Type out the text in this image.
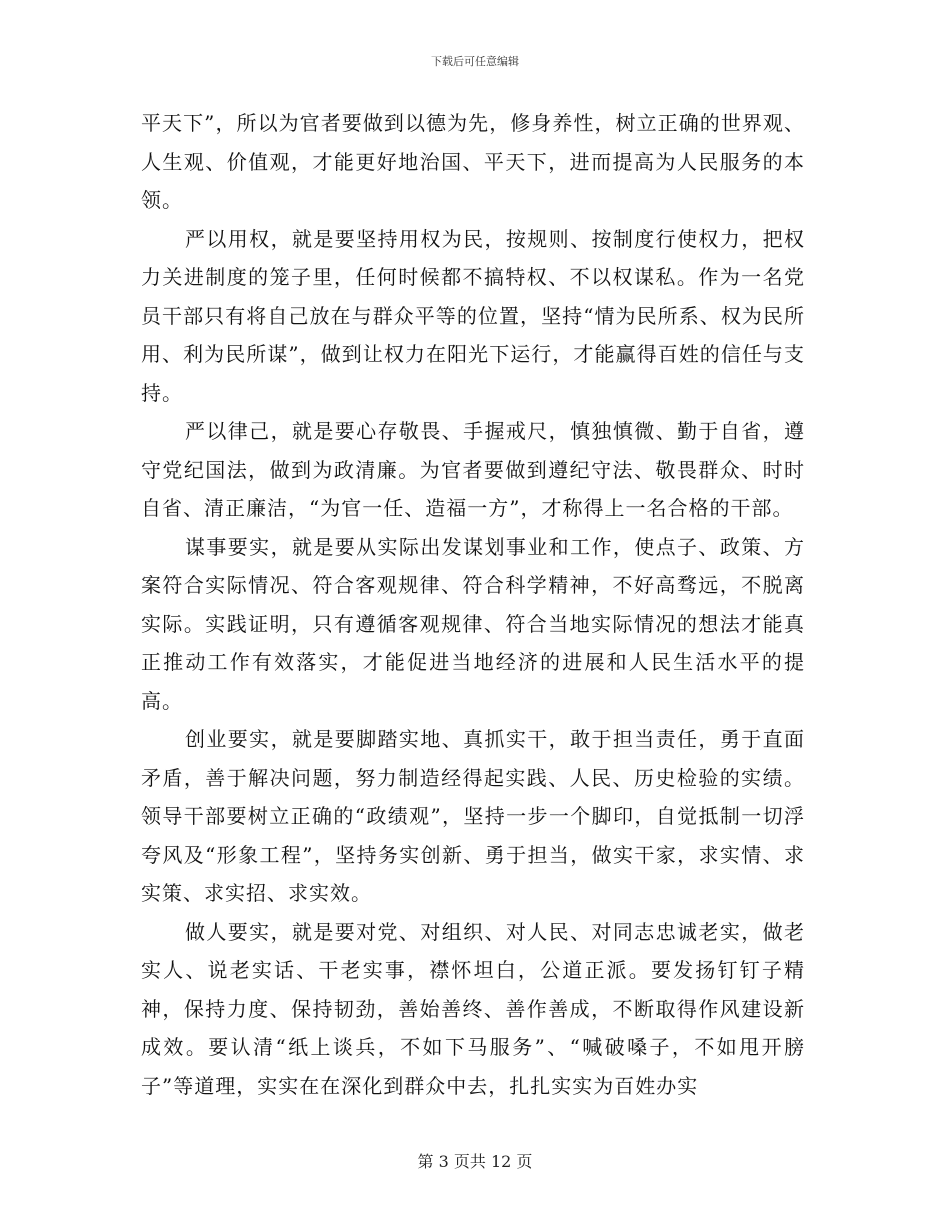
下载后可任意编辑

平天下”，所以为官者要做到以德为先，修身养性，树立正确的世界观、人生观、价值观，才能更好地治国、平天下，进而提高为人民服务的本领。

严以用权，就是要坚持用权为民，按规则、按制度行使权力，把权力关进制度的笼子里，任何时候都不搞特权、不以权谋私。作为一名党员干部只有将自己放在与群众平等的位置，坚持“情为民所系、权为民所用、利为民所谋”，做到让权力在阳光下运行，才能赢得百姓的信任与支持。

严以律己，就是要心存敬畏、手握戒尺，慎独慎微、勤于自省，遵守党纪国法，做到为政清廉。为官者要做到遵纪守法、敬畏群众、时时自省、清正廉洁，“为官一任、造福一方”，才称得上一名合格的干部。

谋事要实，就是要从实际出发谋划事业和工作，使点子、政策、方案符合实际情况、符合客观规律、符合科学精神，不好高骛远，不脱离实际。实践证明，只有遵循客观规律、符合当地实际情况的想法才能真正推动工作有效落实，才能促进当地经济的进展和人民生活水平的提高。

创业要实，就是要脚踏实地、真抓实干，敢于担当责任，勇于直面矛盾，善于解决问题，努力制造经得起实践、人民、历史检验的实绩。领导干部要树立正确的“政绩观”，坚持一步一个脚印，自觉抵制一切浮夸风及“形象工程”，坚持务实创新、勇于担当，做实干家，求实情、求实策、求实招、求实效。

做人要实，就是要对党、对组织、对人民、对同志忠诚老实，做老实人、说老实话、干老实事，襟怀坦白，公道正派。要发扬钉钉子精神，保持力度、保持韧劲，善始善终、善作善成，不断取得作风建设新成效。要认清“纸上谈兵，不如下马服务”、“喊破嗓子，不如甩开膀子”等道理，实实在在深化到群众中去，扎扎实实为百姓办实

第 3 页共 12 页
